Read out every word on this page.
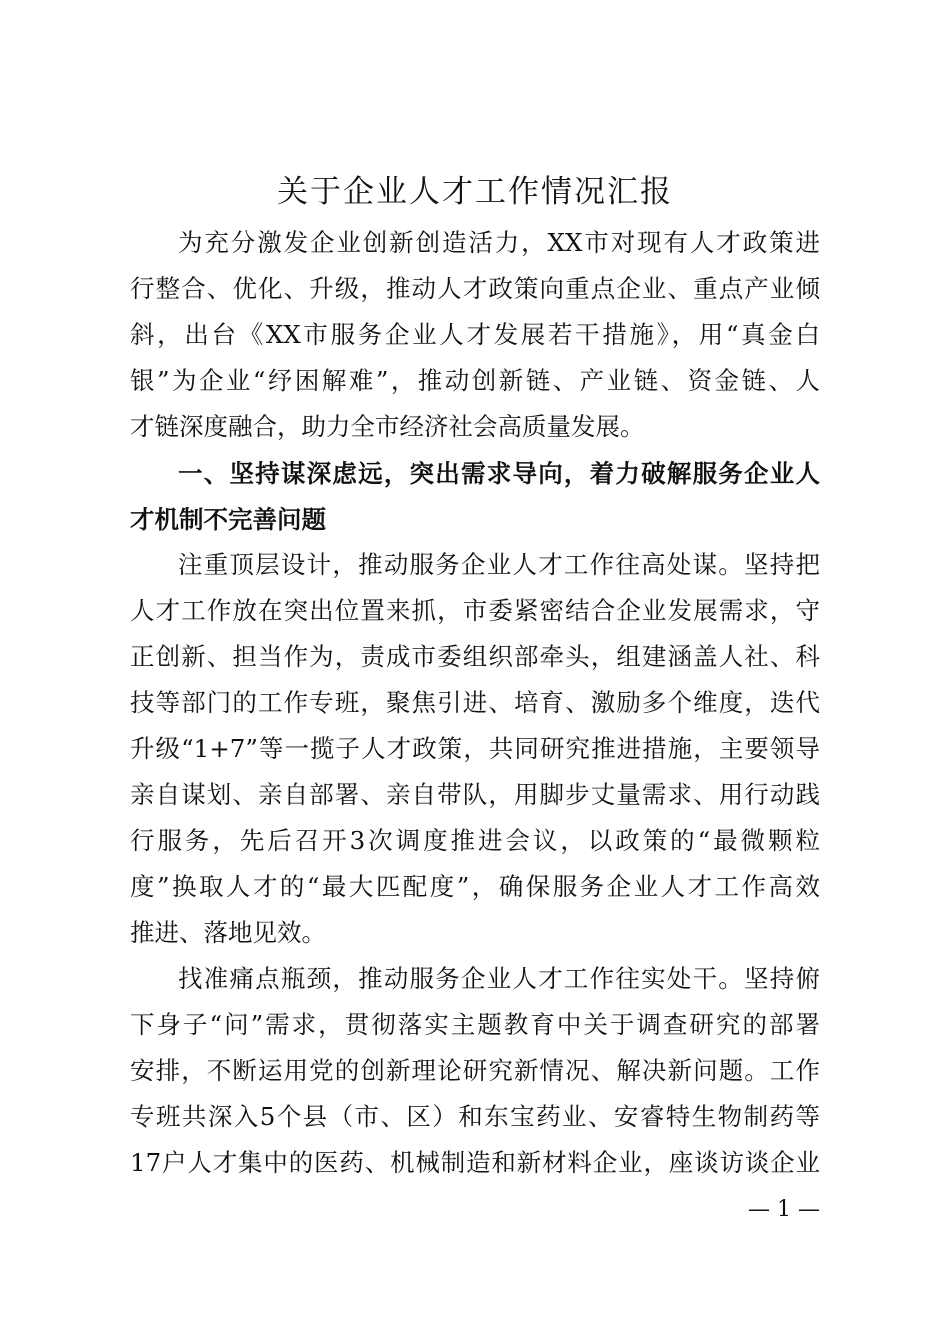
关于企业人才工作情况汇报
为充分激发企业创新创造活力，XX市对现有人才政策进
行整合、优化、升级，推动人才政策向重点企业、重点产业倾
斜，出台《XX市服务企业人才发展若干措施》，用“真金白
银”为企业“纾困解难”，推动创新链、产业链、资金链、人
才链深度融合，助力全市经济社会高质量发展。
一、坚持谋深虑远，突出需求导向，着力破解服务企业人
才机制不完善问题
注重顶层设计，推动服务企业人才工作往高处谋。坚持把
人才工作放在突出位置来抓，市委紧密结合企业发展需求，守
正创新、担当作为，责成市委组织部牵头，组建涵盖人社、科
技等部门的工作专班，聚焦引进、培育、激励多个维度，迭代
升级“1+7”等一揽子人才政策，共同研究推进措施，主要领导
亲自谋划、亲自部署、亲自带队，用脚步丈量需求、用行动践
行服务，先后召开3次调度推进会议，以政策的“最微颗粒
度”换取人才的“最大匹配度”，确保服务企业人才工作高效
推进、落地见效。
找准痛点瓶颈，推动服务企业人才工作往实处干。坚持俯
下身子“问”需求，贯彻落实主题教育中关于调查研究的部署
安排，不断运用党的创新理论研究新情况、解决新问题。工作
专班共深入5个县（市、区）和东宝药业、安睿特生物制药等
17户人才集中的医药、机械制造和新材料企业，座谈访谈企业
— 1 —
